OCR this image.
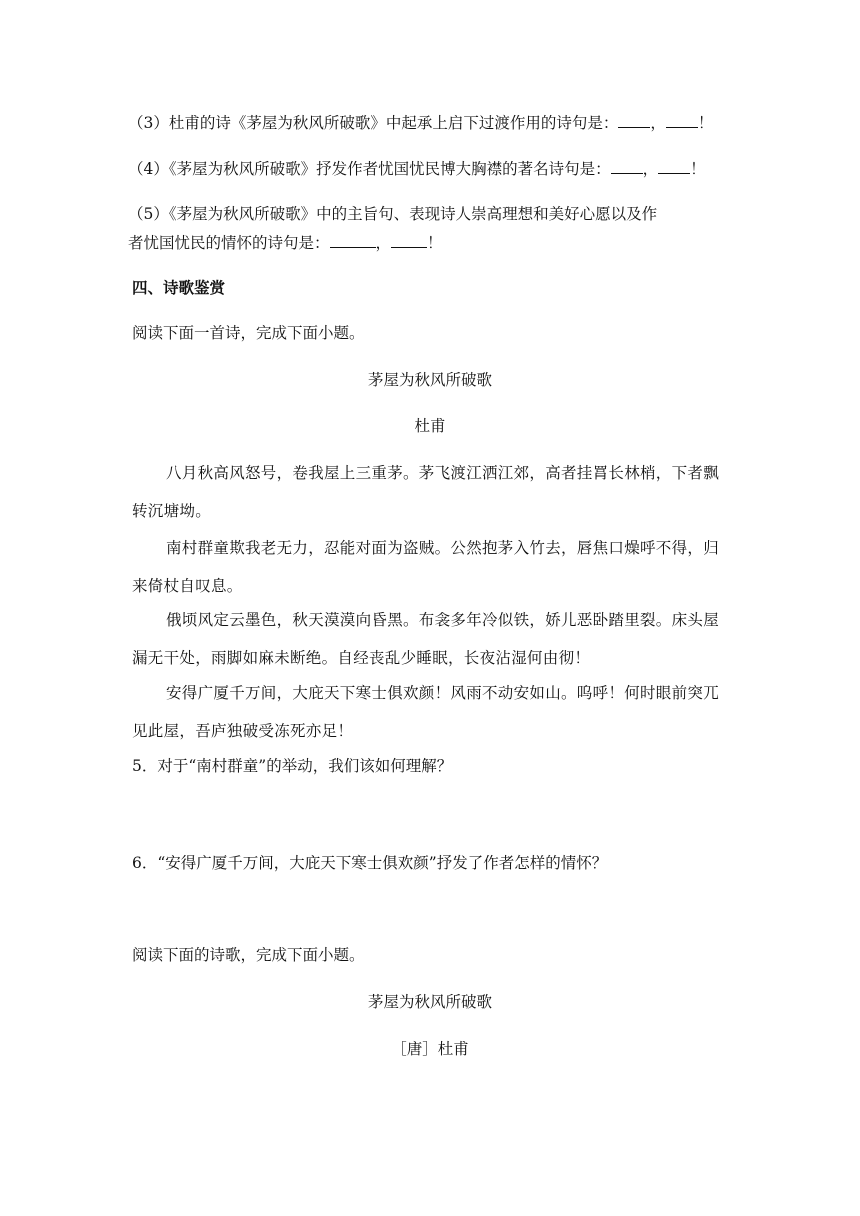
（3）杜甫的诗《茅屋为秋风所破歌》中起承上启下过渡作用的诗句是： ， ！
（4）《茅屋为秋风所破歌》抒发作者忧国忧民博大胸襟的著名诗句是： ， ！
（5）《茅屋为秋风所破歌》中的主旨句、表现诗人崇高理想和美好心愿以及作
者忧国忧民的情怀的诗句是：	， ！
四、诗歌鉴赏
阅读下面一首诗，完成下面小题。
茅屋为秋风所破歌
杜甫
八月秋高风怒号，卷我屋上三重茅。茅飞渡江洒江郊，高者挂罥长林梢，下者飘转沉塘坳。
南村群童欺我老无力，忍能对面为盗贼。公然抱茅入竹去，唇焦口燥呼不得，归来倚杖自叹息。
俄顷风定云墨色，秋天漠漠向昏黑。布衾多年冷似铁，娇儿恶卧踏里裂。床头屋漏无干处，雨脚如麻未断绝。自经丧乱少睡眠，长夜沾湿何由彻！
安得广厦千万间，大庇天下寒士俱欢颜！风雨不动安如山。呜呼！何时眼前突兀见此屋，吾庐独破受冻死亦足！
5．对于“南村群童”的举动，我们该如何理解？
6．“安得广厦千万间，大庇天下寒士俱欢颜”抒发了作者怎样的情怀？
阅读下面的诗歌，完成下面小题。
茅屋为秋风所破歌
［唐］杜甫
